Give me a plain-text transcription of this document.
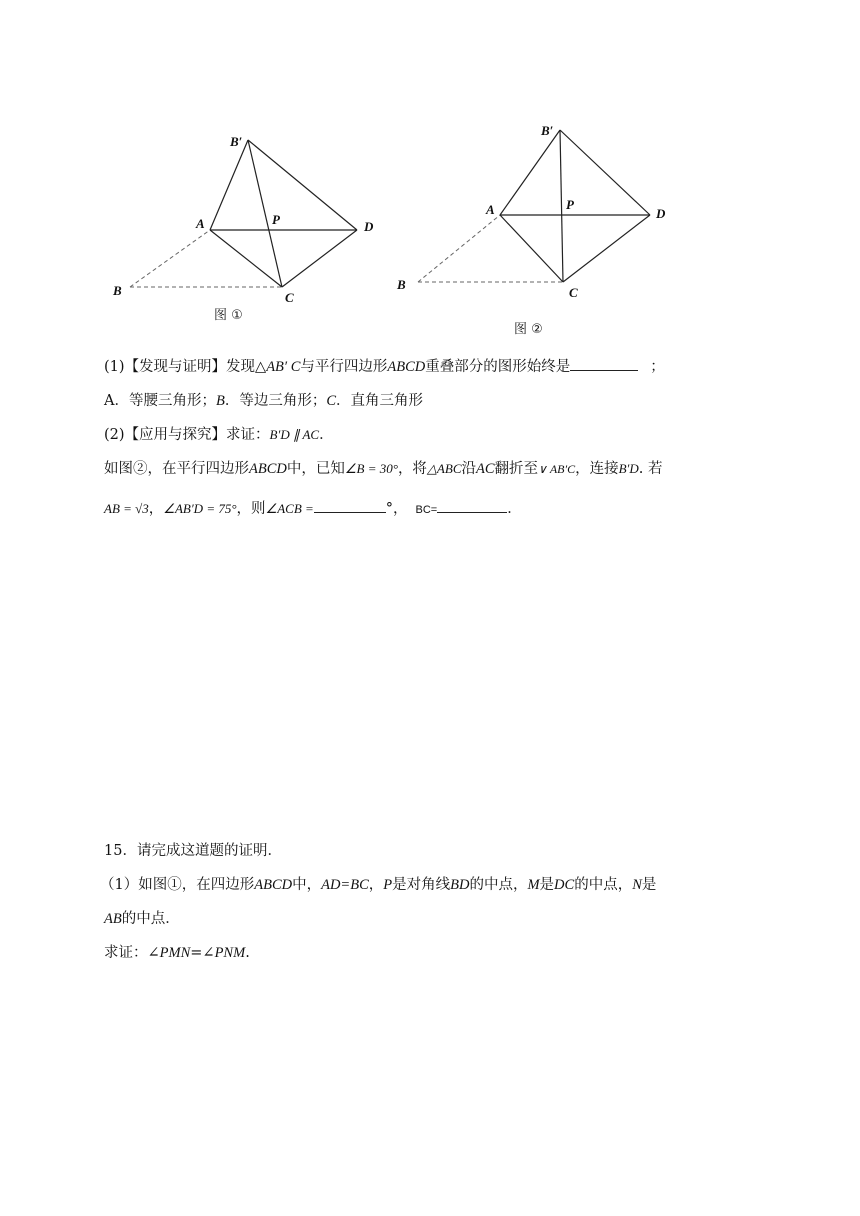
B′
A	P	D
B	C
图 ①
B′
A	P
D
B
C
图 ②
(1)【发现与证明】发现△AB′ C与平行四边形ABCD重叠部分的图形始终是	；
A．等腰三角形；B．等边三角形；C．直角三角形
(2)【应用与探究】求证：B′D ∥ AC．
如图②，在平行四边形ABCD中，已知∠B = 30°，将△ABC沿AC翻折至∨ AB′C，连接B′D. 若
AB = √3，∠AB′D = 75°，则∠ACB =	°， BC=	．
15．请完成这道题的证明．
（1）如图①，在四边形ABCD中，AD=BC，P是对角线BD的中点，M是DC的中点，N是
AB的中点．
求证：∠PMN=∠PNM.
